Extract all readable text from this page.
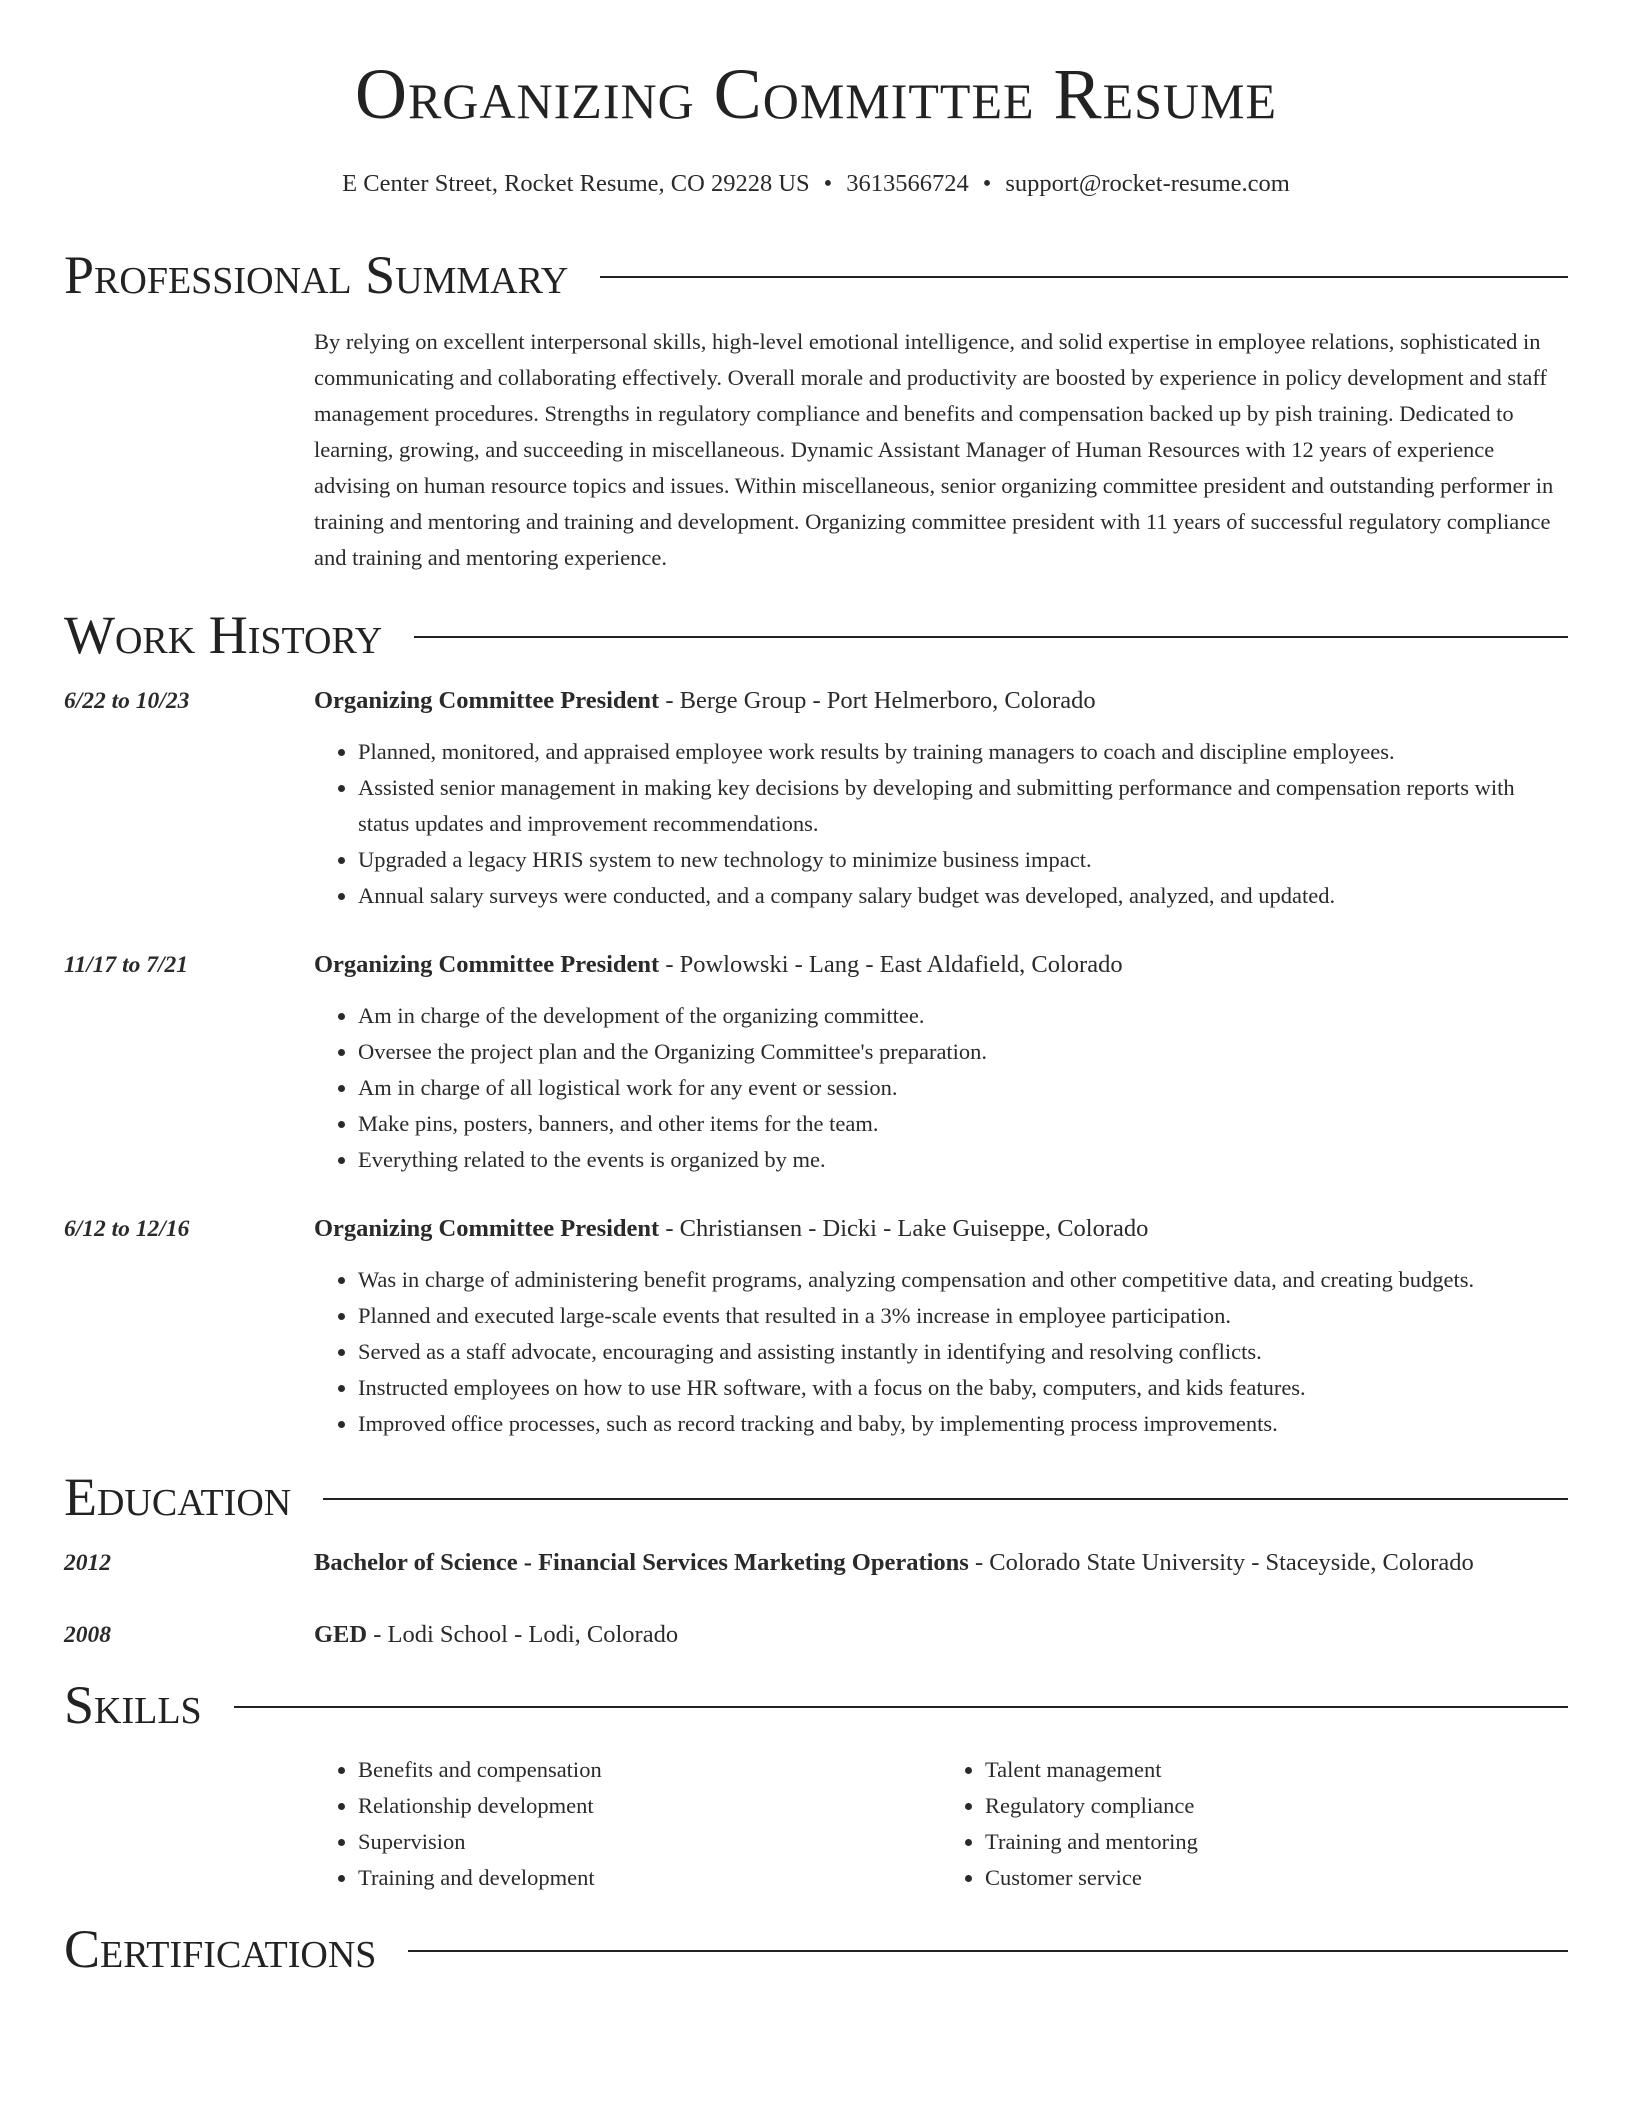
Organizing Committee Resume
E Center Street, Rocket Resume, CO 29228 US • 3613566724 • support@rocket-resume.com
Professional Summary
By relying on excellent interpersonal skills, high-level emotional intelligence, and solid expertise in employee relations, sophisticated in communicating and collaborating effectively. Overall morale and productivity are boosted by experience in policy development and staff management procedures. Strengths in regulatory compliance and benefits and compensation backed up by pish training. Dedicated to learning, growing, and succeeding in miscellaneous. Dynamic Assistant Manager of Human Resources with 12 years of experience advising on human resource topics and issues. Within miscellaneous, senior organizing committee president and outstanding performer in training and mentoring and training and development. Organizing committee president with 11 years of successful regulatory compliance and training and mentoring experience.
Work History
6/22 to 10/23	Organizing Committee President - Berge Group - Port Helmerboro, Colorado
• Planned, monitored, and appraised employee work results by training managers to coach and discipline employees.
• Assisted senior management in making key decisions by developing and submitting performance and compensation reports with status updates and improvement recommendations.
• Upgraded a legacy HRIS system to new technology to minimize business impact.
• Annual salary surveys were conducted, and a company salary budget was developed, analyzed, and updated.
11/17 to 7/21	Organizing Committee President - Powlowski - Lang - East Aldafield, Colorado
• Am in charge of the development of the organizing committee.
• Oversee the project plan and the Organizing Committee's preparation.
• Am in charge of all logistical work for any event or session.
• Make pins, posters, banners, and other items for the team.
• Everything related to the events is organized by me.
6/12 to 12/16	Organizing Committee President - Christiansen - Dicki - Lake Guiseppe, Colorado
• Was in charge of administering benefit programs, analyzing compensation and other competitive data, and creating budgets.
• Planned and executed large-scale events that resulted in a 3% increase in employee participation.
• Served as a staff advocate, encouraging and assisting instantly in identifying and resolving conflicts.
• Instructed employees on how to use HR software, with a focus on the baby, computers, and kids features.
• Improved office processes, such as record tracking and baby, by implementing process improvements.
Education
2012	Bachelor of Science - Financial Services Marketing Operations - Colorado State University - Staceyside, Colorado
2008	GED - Lodi School - Lodi, Colorado
Skills
• Benefits and compensation
• Relationship development
• Supervision
• Training and development
• Talent management
• Regulatory compliance
• Training and mentoring
• Customer service
Certifications
